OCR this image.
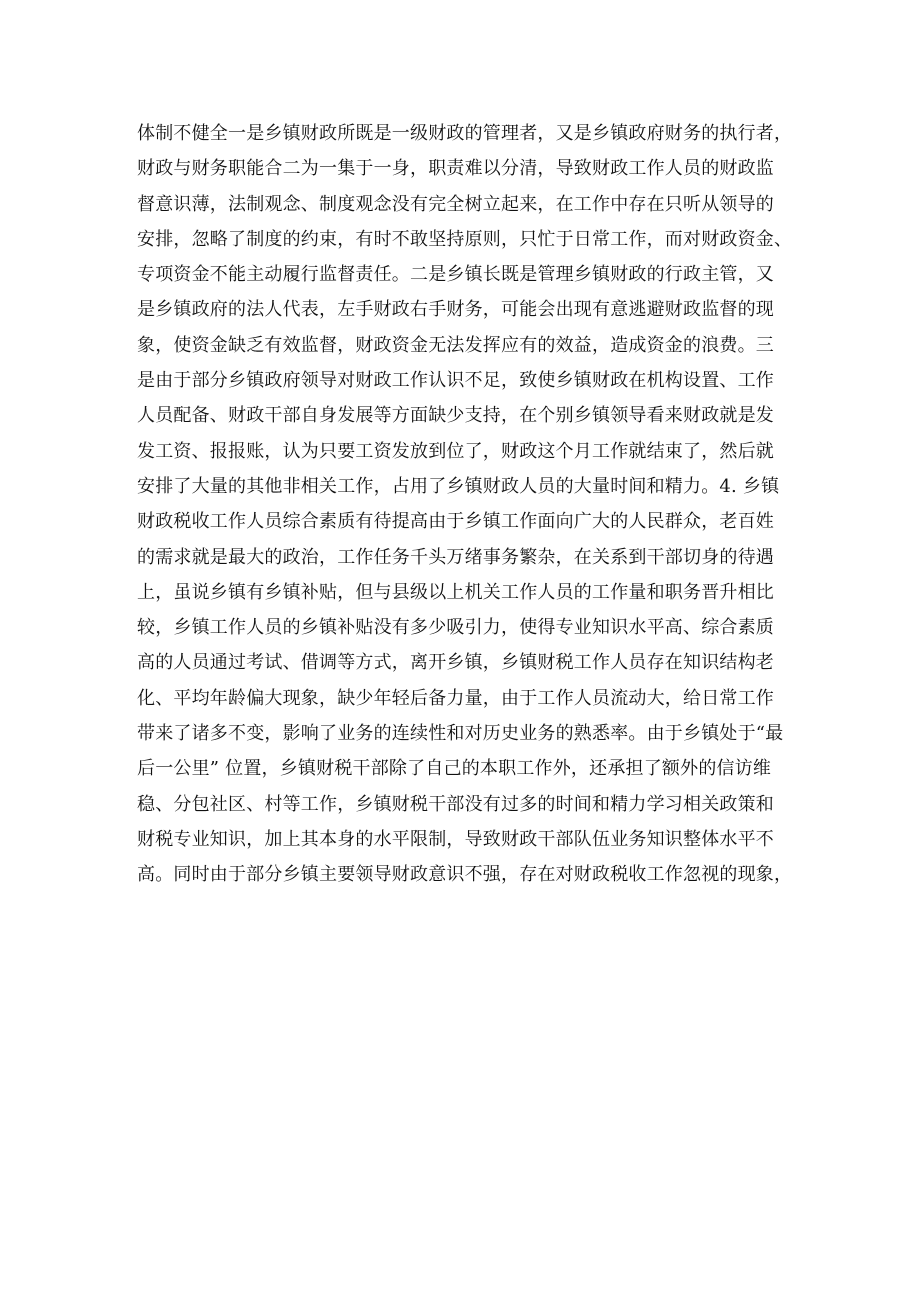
体制不健全一是乡镇财政所既是一级财政的管理者，又是乡镇政府财务的执行者，
财政与财务职能合二为一集于一身，职责难以分清，导致财政工作人员的财政监
督意识薄，法制观念、制度观念没有完全树立起来，在工作中存在只听从领导的
安排，忽略了制度的约束，有时不敢坚持原则，只忙于日常工作，而对财政资金、
专项资金不能主动履行监督责任。二是乡镇长既是管理乡镇财政的行政主管，又
是乡镇政府的法人代表，左手财政右手财务，可能会出现有意逃避财政监督的现
象，使资金缺乏有效监督，财政资金无法发挥应有的效益，造成资金的浪费。三
是由于部分乡镇政府领导对财政工作认识不足，致使乡镇财政在机构设置、工作
人员配备、财政干部自身发展等方面缺少支持，在个别乡镇领导看来财政就是发
发工资、报报账，认为只要工资发放到位了，财政这个月工作就结束了，然后就
安排了大量的其他非相关工作，占用了乡镇财政人员的大量时间和精力。4. 乡镇
财政税收工作人员综合素质有待提高由于乡镇工作面向广大的人民群众，老百姓
的需求就是最大的政治，工作任务千头万绪事务繁杂，在关系到干部切身的待遇
上，虽说乡镇有乡镇补贴，但与县级以上机关工作人员的工作量和职务晋升相比
较，乡镇工作人员的乡镇补贴没有多少吸引力，使得专业知识水平高、综合素质
高的人员通过考试、借调等方式，离开乡镇，乡镇财税工作人员存在知识结构老
化、平均年龄偏大现象，缺少年轻后备力量，由于工作人员流动大，给日常工作
带来了诸多不变，影响了业务的连续性和对历史业务的熟悉率。由于乡镇处于“最
后一公里” 位置，乡镇财税干部除了自己的本职工作外，还承担了额外的信访维
稳、分包社区、村等工作，乡镇财税干部没有过多的时间和精力学习相关政策和
财税专业知识，加上其本身的水平限制，导致财政干部队伍业务知识整体水平不
高。同时由于部分乡镇主要领导财政意识不强，存在对财政税收工作忽视的现象，
